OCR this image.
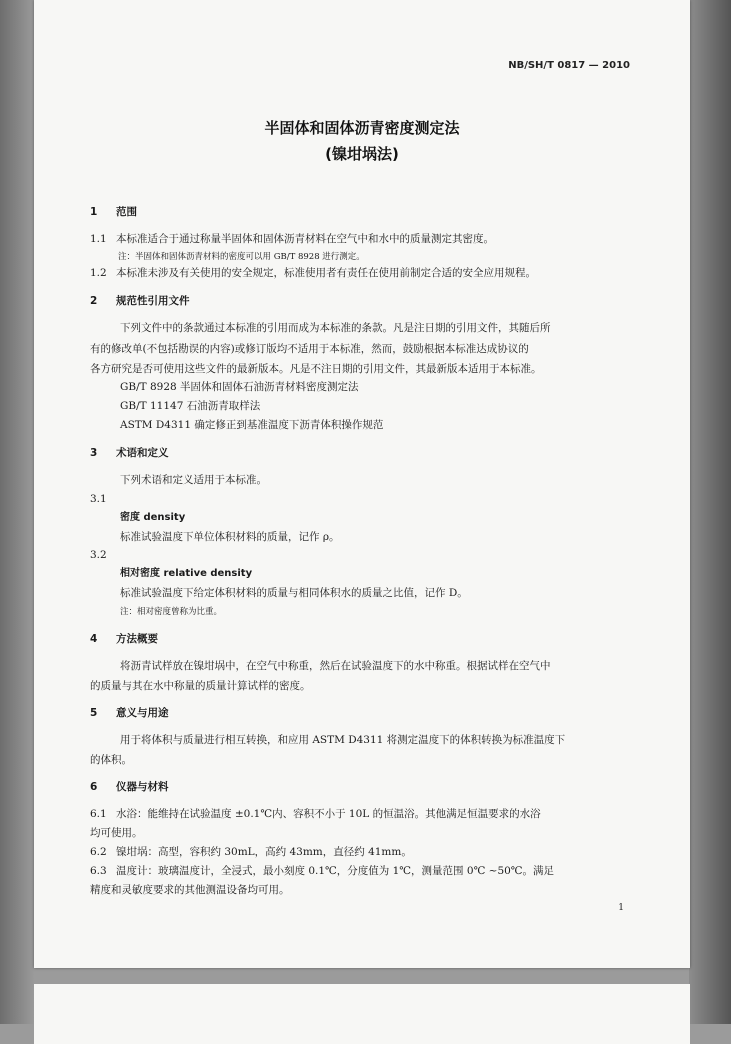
NB/SH/T 0817 — 2010
半固体和固体沥青密度测定法
(镍坩埚法)
1 范围
1.1 本标准适合于通过称量半固体和固体沥青材料在空气中和水中的质量测定其密度。
注：半固体和固体沥青材料的密度可以用 GB/T 8928 进行测定。
1.2 本标准未涉及有关使用的安全规定，标准使用者有责任在使用前制定合适的安全应用规程。
2 规范性引用文件
下列文件中的条款通过本标准的引用而成为本标准的条款。凡是注日期的引用文件，其随后所
有的修改单(不包括勘误的内容)或修订版均不适用于本标准，然而，鼓励根据本标准达成协议的
各方研究是否可使用这些文件的最新版本。凡是不注日期的引用文件，其最新版本适用于本标准。
GB/T 8928 半固体和固体石油沥青材料密度测定法
GB/T 11147 石油沥青取样法
ASTM D4311 确定修正到基准温度下沥青体积操作规范
3 术语和定义
下列术语和定义适用于本标准。
3.1
密度 density
标准试验温度下单位体积材料的质量，记作 ρ。
3.2
相对密度 relative density
标准试验温度下给定体积材料的质量与相同体积水的质量之比值，记作 D。
注：相对密度曾称为比重。
4 方法概要
将沥青试样放在镍坩埚中，在空气中称重，然后在试验温度下的水中称重。根据试样在空气中
的质量与其在水中称量的质量计算试样的密度。
5 意义与用途
用于将体积与质量进行相互转换，和应用 ASTM D4311 将测定温度下的体积转换为标准温度下
的体积。
6 仪器与材料
6.1 水浴：能维持在试验温度 ±0.1℃内、容积不小于 10L 的恒温浴。其他满足恒温要求的水浴
均可使用。
6.2 镍坩埚：高型，容积约 30mL，高约 43mm，直径约 41mm。
6.3 温度计：玻璃温度计，全浸式，最小刻度 0.1℃，分度值为 1℃，测量范围 0℃ ~50℃。满足
精度和灵敏度要求的其他测温设备均可用。
1
